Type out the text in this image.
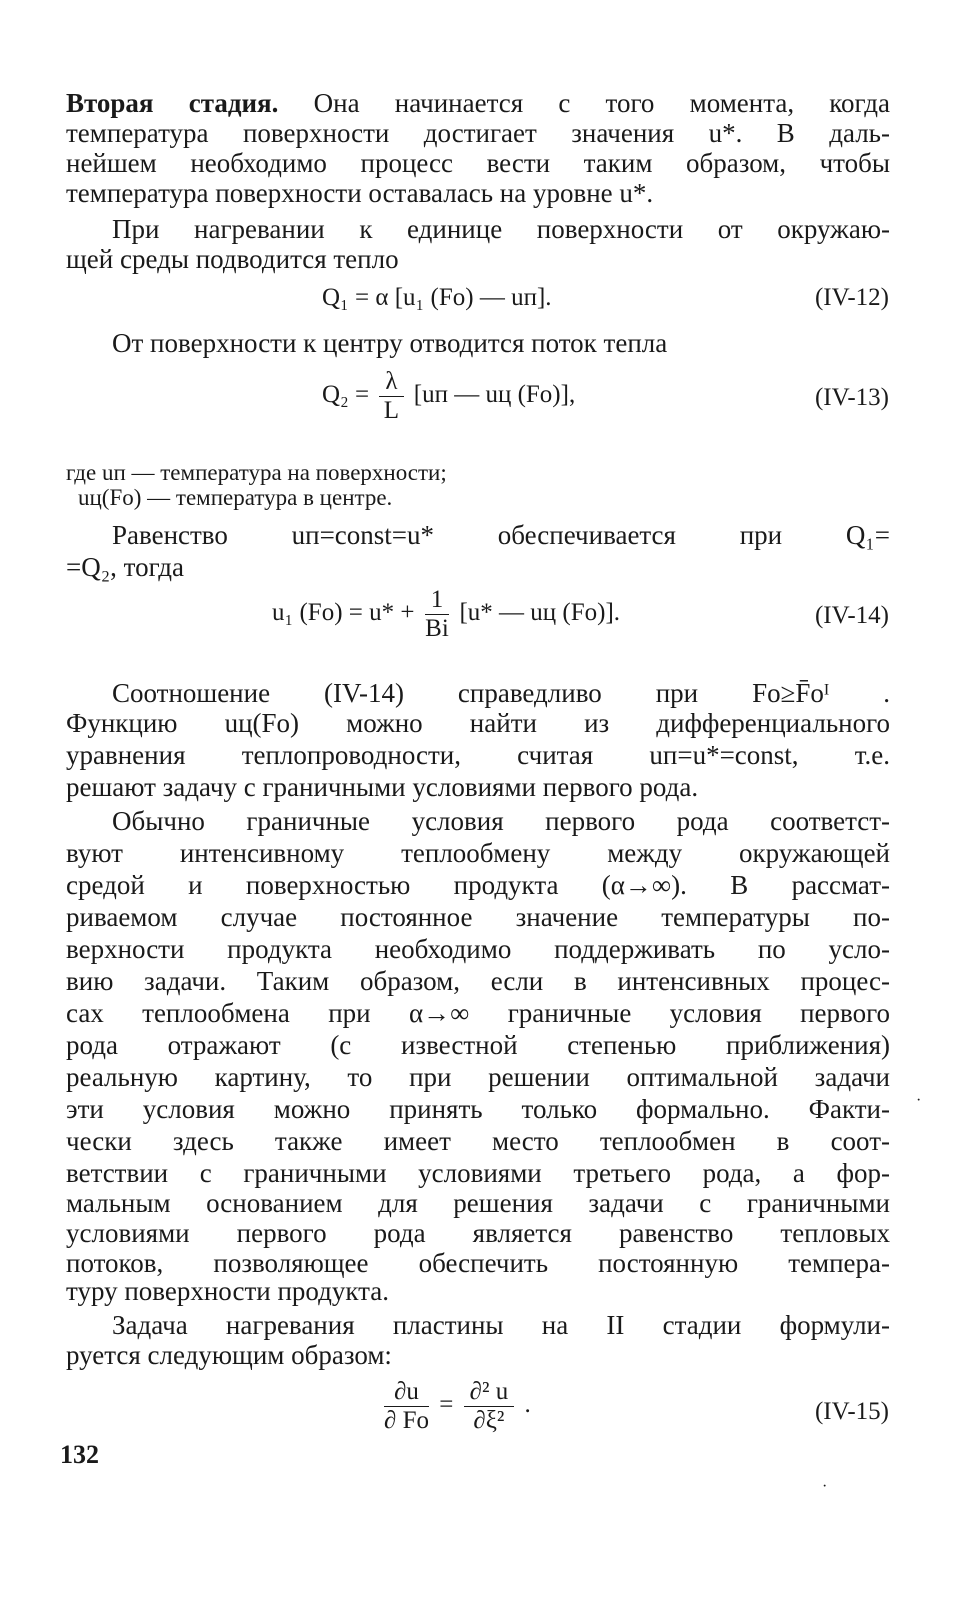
Вторая стадия. Она начинается с того момента, когда
температура поверхности достигает значения u*. В даль-
нейшем необходимо процесс вести таким образом, чтобы
температура поверхности оставалась на уровне u*.
При нагревании к единице поверхности от окружаю-
щей среды подводится тепло
Q₁ = α [u₁ (Fo) — uп].	(IV-12)
От поверхности к центру отводится поток тепла
$Q_2 = \frac{\lambda}{L} [uп$ — uц (Fo)],	(IV-13)
где uп — температура на поверхности;
uц(Fo) — температура в центре.
Равенство uп=const=u* обеспечивается при Q₁=
=Q₂, тогда
u₁ $(Fo) = u* + \frac{1}{Bi} [u*$ — uц (Fo)].	(IV-14)
Соотношение (IV-14) справедливо при Fo≥F̄oᴵ .
Функцию uц(Fo) можно найти из дифференциального
уравнения теплопроводности, считая uп=u*=const, т.е.
решают задачу с граничными условиями первого рода.
Обычно граничные условия первого рода соответст-
вуют интенсивному теплообмену между окружающей
средой и поверхностью продукта (α→∞). В рассмат-
риваемом случае постоянное значение температуры по-
верхности продукта необходимо поддерживать по усло-
вию задачи. Таким образом, если в интенсивных процес-
сах теплообмена при α→∞ граничные условия первого
рода отражают (с известной степенью приближения)
реальную картину, то при решении оптимальной задачи
эти условия можно принять только формально. Факти-
чески здесь также имеет место теплообмен в соот-
ветствии с граничными условиями третьего рода, а фор-
мальным основанием для решения задачи с граничными
условиями первого рода является равенство тепловых
потоков, позволяющее обеспечить постоянную темпера-
туру поверхности продукта.
Задача нагревания пластины на II стадии формули-
руется следующим образом:
$\frac{\partial u}{\partial Fo} = \frac{\text{∂² u}}{\text{∂ξ²}}$ .	(IV-15)
132
·
·
